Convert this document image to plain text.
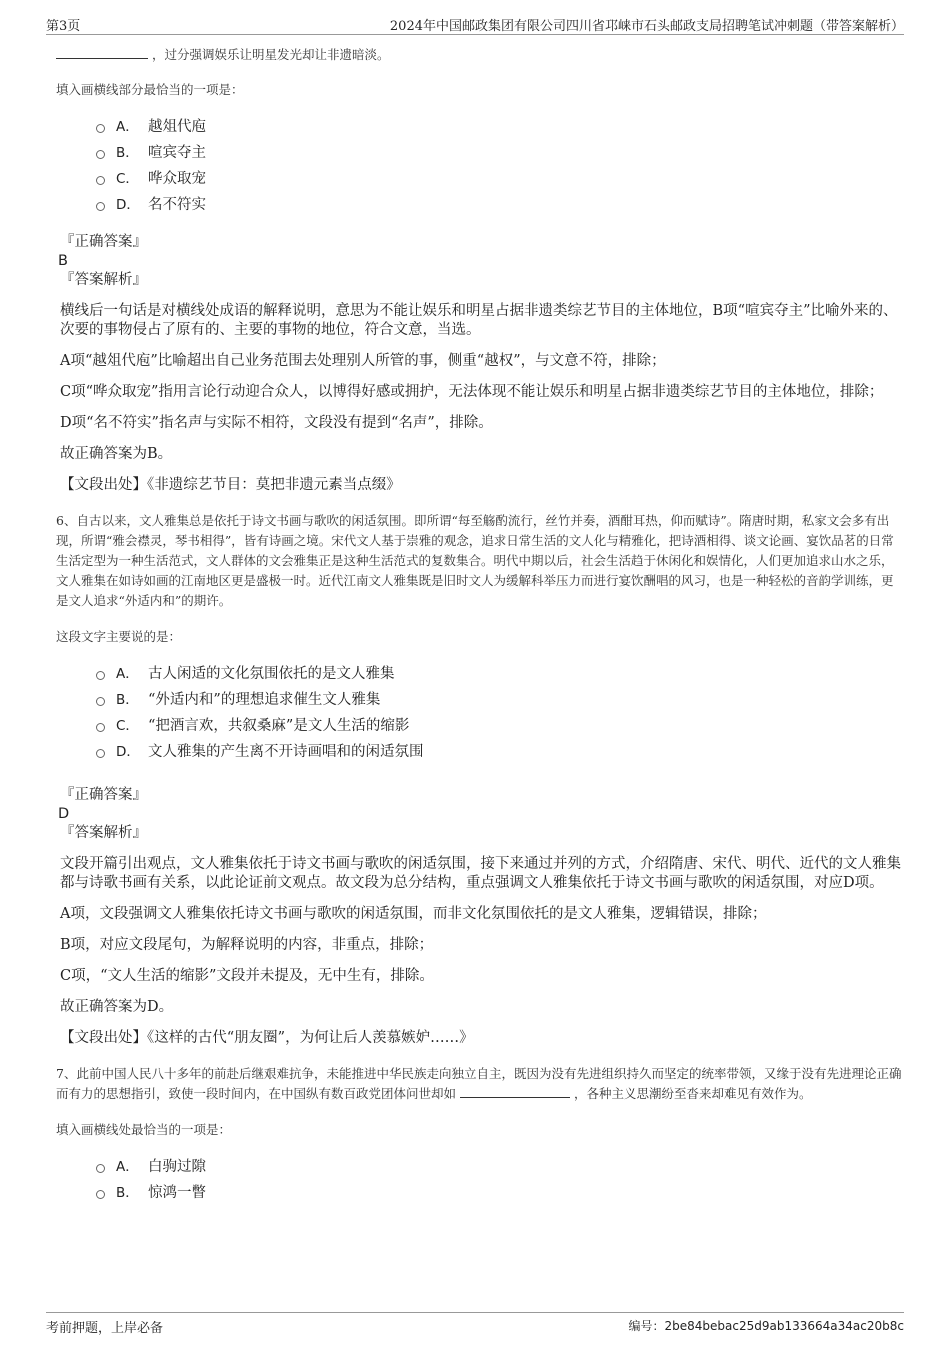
第3页	2024年中国邮政集团有限公司四川省邛崃市石头邮政支局招聘笔试冲刺题（带答案解析）
，过分强调娱乐让明星发光却让非遗暗淡。
填入画横线部分最恰当的一项是：
A． 越俎代庖
B． 喧宾夺主
C． 哗众取宠
D． 名不符实
『正确答案』
B
『答案解析』
横线后一句话是对横线处成语的解释说明，意思为不能让娱乐和明星占据非遗类综艺节目的主体地位，B项“喧宾夺主”比喻外来的、次要的事物侵占了原有的、主要的事物的地位，符合文意，当选。
A项“越俎代庖”比喻超出自己业务范围去处理别人所管的事，侧重“越权”，与文意不符，排除；
C项“哗众取宠”指用言论行动迎合众人，以博得好感或拥护，无法体现不能让娱乐和明星占据非遗类综艺节目的主体地位，排除；
D项“名不符实”指名声与实际不相符，文段没有提到“名声”，排除。
故正确答案为B。
【文段出处】《非遗综艺节目：莫把非遗元素当点缀》
6、自古以来，文人雅集总是依托于诗文书画与歌吹的闲适氛围。即所谓“每至觞酌流行，丝竹并奏，酒酣耳热，仰而赋诗”。隋唐时期，私家文会多有出现，所谓“雅会襟灵，琴书相得”，皆有诗画之境。宋代文人基于崇雅的观念，追求日常生活的文人化与精雅化，把诗酒相得、谈文论画、宴饮品茗的日常生活定型为一种生活范式，文人群体的文会雅集正是这种生活范式的复数集合。明代中期以后，社会生活趋于休闲化和娱情化，人们更加追求山水之乐，文人雅集在如诗如画的江南地区更是盛极一时。近代江南文人雅集既是旧时文人为缓解科举压力而进行宴饮酬唱的风习，也是一种轻松的音韵学训练，更是文人追求“外适内和”的期许。
这段文字主要说的是：
A． 古人闲适的文化氛围依托的是文人雅集
B． “外适内和”的理想追求催生文人雅集
C． “把酒言欢，共叙桑麻”是文人生活的缩影
D． 文人雅集的产生离不开诗画唱和的闲适氛围
『正确答案』
D
『答案解析』
文段开篇引出观点，文人雅集依托于诗文书画与歌吹的闲适氛围，接下来通过并列的方式，介绍隋唐、宋代、明代、近代的文人雅集都与诗歌书画有关系，以此论证前文观点。故文段为总分结构，重点强调文人雅集依托于诗文书画与歌吹的闲适氛围，对应D项。
A项，文段强调文人雅集依托诗文书画与歌吹的闲适氛围，而非文化氛围依托的是文人雅集，逻辑错误，排除；
B项，对应文段尾句，为解释说明的内容，非重点，排除；
C项，“文人生活的缩影”文段并未提及，无中生有，排除。
故正确答案为D。
【文段出处】《这样的古代“朋友圈”，为何让后人羡慕嫉妒……》
7、此前中国人民八十多年的前赴后继艰难抗争，未能推进中华民族走向独立自主，既因为没有先进组织持久而坚定的统率带领，又缘于没有先进理论正确而有力的思想指引，致使一段时间内，在中国纵有数百政党团体问世却如	，各种主义思潮纷至沓来却难见有效作为。
填入画横线处最恰当的一项是：
A． 白驹过隙
B． 惊鸿一瞥
考前押题，上岸必备	编号：2be84bebac25d9ab133664a34ac20b8c
